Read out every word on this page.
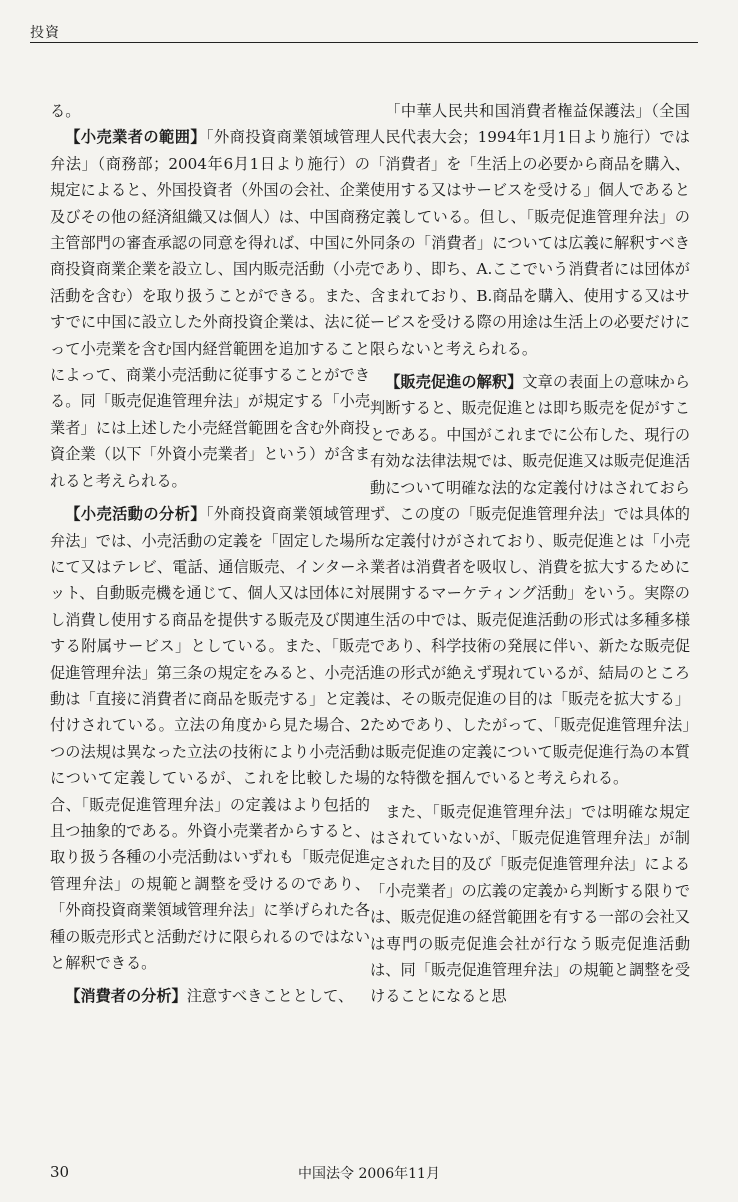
投資

る。

【小売業者の範囲】「外商投資商業領域管理弁法」（商務部；2004年6月1日より施行）の規定によると、外国投資者（外国の会社、企業及びその他の経済組織又は個人）は、中国商務主管部門の審査承認の同意を得れば、中国に外商投資商業企業を設立し、国内販売活動（小売活動を含む）を取り扱うことができる。また、すでに中国に設立した外商投資企業は、法に従って小売業を含む国内経営範囲を追加することによって、商業小売活動に従事することができる。同「販売促進管理弁法」が規定する「小売業者」には上述した小売経営範囲を含む外商投資企業（以下「外資小売業者」という）が含まれると考えられる。

【小売活動の分析】「外商投資商業領域管理弁法」では、小売活動の定義を「固定した場所にて又はテレビ、電話、通信販売、インターネット、自動販売機を通じて、個人又は団体に対し消費し使用する商品を提供する販売及び関連する附属サービス」としている。また、「販売促進管理弁法」第三条の規定をみると、小売活動は「直接に消費者に商品を販売する」と定義付けされている。立法の角度から見た場合、2つの法規は異なった立法の技術により小売活動について定義しているが、これを比較した場合、「販売促進管理弁法」の定義はより包括的且つ抽象的である。外資小売業者からすると、取り扱う各種の小売活動はいずれも「販売促進管理弁法」の規範と調整を受けるのであり、「外商投資商業領域管理弁法」に挙げられた各種の販売形式と活動だけに限られるのではないと解釈できる。

【消費者の分析】注意すべきこととして、

「中華人民共和国消費者権益保護法」（全国人民代表大会；1994年1月1日より施行）では「消費者」を「生活上の必要から商品を購入、使用する又はサービスを受ける」個人であると定義している。但し、「販売促進管理弁法」の同条の「消費者」については広義に解釈すべきであり、即ち、A.ここでいう消費者には団体が含まれており、B.商品を購入、使用する又はサービスを受ける際の用途は生活上の必要だけに限らないと考えられる。

【販売促進の解釈】文章の表面上の意味から判断すると、販売促進とは即ち販売を促がすことである。中国がこれまでに公布した、現行の有効な法律法規では、販売促進又は販売促進活動について明確な法的な定義付けはされておらず、この度の「販売促進管理弁法」では具体的な定義付けがされており、販売促進とは「小売業者は消費者を吸収し、消費を拡大するために展開するマーケティング活動」をいう。実際の生活の中では、販売促進活動の形式は多種多様であり、科学技術の発展に伴い、新たな販売促進の形式が絶えず現れているが、結局のところは、その販売促進の目的は「販売を拡大する」ためであり、したがって、「販売促進管理弁法」は販売促進の定義について販売促進行為の本質的な特徴を掴んでいると考えられる。

また、「販売促進管理弁法」では明確な規定はされていないが、「販売促進管理弁法」が制定された目的及び「販売促進管理弁法」による「小売業者」の広義の定義から判断する限りでは、販売促進の経営範囲を有する一部の会社又は専門の販売促進会社が行なう販売促進活動は、同「販売促進管理弁法」の規範と調整を受けることになると思

30	中国法令 2006年11月
